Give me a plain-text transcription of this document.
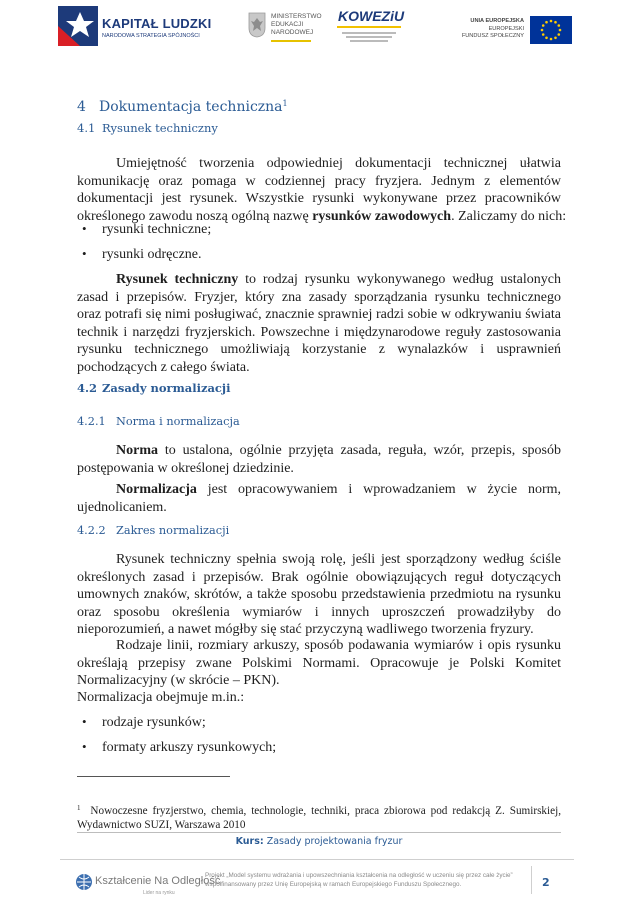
KAPITAŁ LUDZKI
NARODOWA STRATEGIA SPÓJNOŚCI
MINISTERSTWO
EDUKACJI
NARODOWEJ
KOWEZiU	UNIA EUROPEJSKA
EUROPEJSKI
FUNDUSZ SPOŁECZNY
4 Dokumentacja techniczna$^1$
4.1 Rysunek techniczny
Umiejętność tworzenia odpowiedniej dokumentacji technicznej ułatwia
komunikację oraz pomaga w codziennej pracy fryzjera. Jednym z elementów
dokumentacji jest rysunek. Wszystkie rysunki wykonywane przez pracowników
określonego zawodu noszą ogólną nazwę rysunków zawodowych. Zaliczamy do nich:
• rysunki techniczne;
• rysunki odręczne.
Rysunek techniczny to rodzaj rysunku wykonywanego według ustalonych
zasad i przepisów. Fryzjer, który zna zasady sporządzania rysunku technicznego
oraz potrafi się nimi posługiwać, znacznie sprawniej radzi sobie w odkrywaniu świata
technik i narzędzi fryzjerskich. Powszechne i międzynarodowe reguły zastosowania
rysunku technicznego umożliwiają korzystanie z wynalazków i usprawnień
pochodzących z całego świata.
4.2 Zasady normalizacji
4.2.1 Norma i normalizacja
Norma to ustalona, ogólnie przyjęta zasada, reguła, wzór, przepis, sposób
postępowania w określonej dziedzinie.
Normalizacja jest opracowywaniem i wprowadzaniem w życie norm,
ujednolicaniem.
4.2.2 Zakres normalizacji
Rysunek techniczny spełnia swoją rolę, jeśli jest sporządzony według ściśle
określonych zasad i przepisów. Brak ogólnie obowiązujących reguł dotyczących
umownych znaków, skrótów, a także sposobu przedstawienia przedmiotu na rysunku
oraz sposobu określenia wymiarów i innych uproszczeń prowadziłyby do
nieporozumień, a nawet mógłby się stać przyczyną wadliwego tworzenia fryzury.
Rodzaje linii, rozmiary arkuszy, sposób podawania wymiarów i opis rysunku
określają przepisy zwane Polskimi Normami. Opracowuje je Polski Komitet
Normalizacyjny (w skrócie – PKN).
Normalizacja obejmuje m.in.:
• rodzaje rysunków;
• formaty arkuszy rysunkowych;
$^1$ Nowoczesne fryzjerstwo, chemia, technologie, techniki, praca zbiorowa pod redakcją Z. Sumirskiej,
Wydawnictwo SUZI, Warszawa 2010
Kurs: Zasady projektowania fryzur
Kształcenie Na Odległość
Lider na rynku
Projekt „Model systemu wdrażania i upowszechniania kształcenia na odległość w uczeniu się przez całe życie”
współfinansowany przez Unię Europejską w ramach Europejskiego Funduszu Społecznego.	2
